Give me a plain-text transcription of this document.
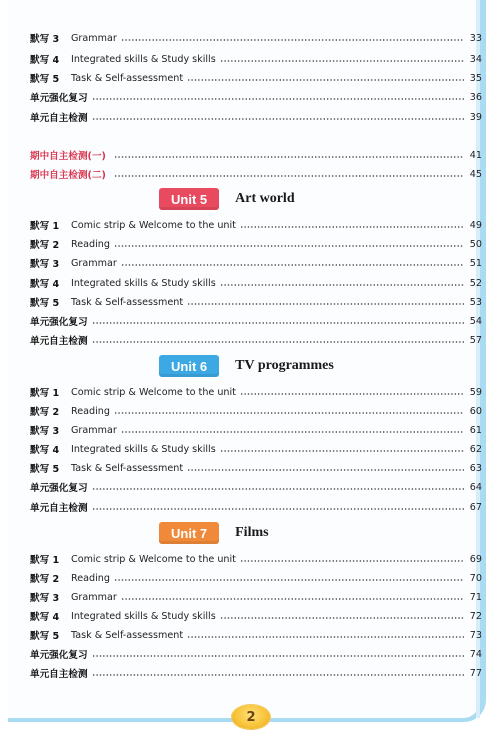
默写 3	Grammar	33
默写 4	Integrated skills & Study skills	34
默写 5	Task & Self-assessment	35
单元强化复习	36
单元自主检测	39
期中自主检测(一)	41
期中自主检测(二)	45
Unit 5	Art world
默写 1	Comic strip & Welcome to the unit	49
默写 2	Reading	50
默写 3	Grammar	51
默写 4	Integrated skills & Study skills	52
默写 5	Task & Self-assessment	53
单元强化复习	54
单元自主检测	57
Unit 6	TV programmes
默写 1	Comic strip & Welcome to the unit	59
默写 2	Reading	60
默写 3	Grammar	61
默写 4	Integrated skills & Study skills	62
默写 5	Task & Self-assessment	63
单元强化复习	64
单元自主检测	67
Unit 7	Films
默写 1	Comic strip & Welcome to the unit	69
默写 2	Reading	70
默写 3	Grammar	71
默写 4	Integrated skills & Study skills	72
默写 5	Task & Self-assessment	73
单元强化复习	74
单元自主检测	77
2
